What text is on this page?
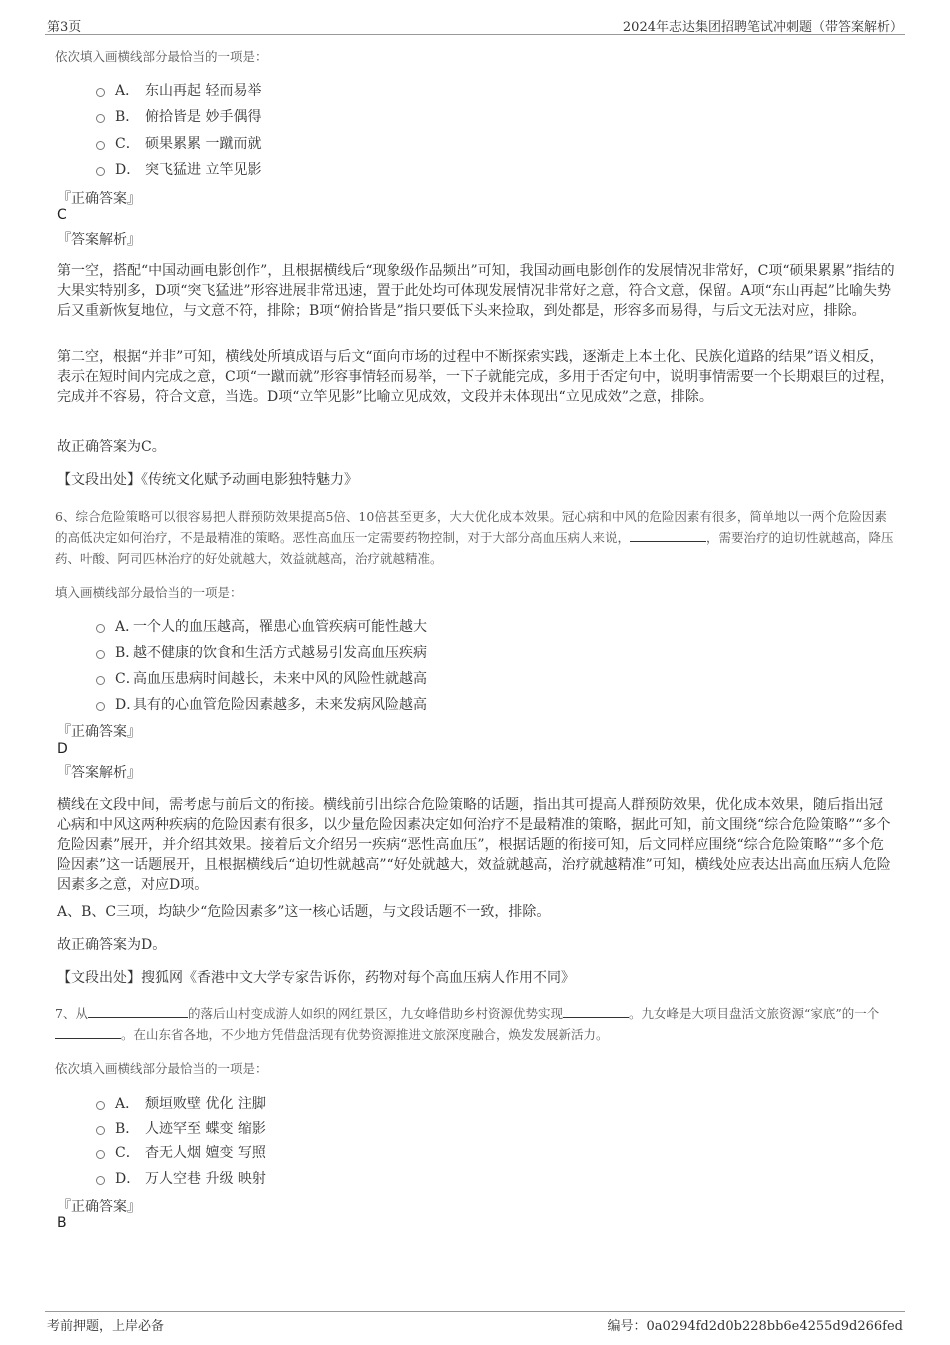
第3页	2024年志达集团招聘笔试冲刺题（带答案解析）
依次填入画横线部分最恰当的一项是：
A． 东山再起 轻而易举
B． 俯拾皆是 妙手偶得
C． 硕果累累 一蹴而就
D． 突飞猛进 立竿见影
『正确答案』
C
『答案解析』
第一空，搭配“中国动画电影创作”，且根据横线后“现象级作品频出”可知，我国动画电影创作的发展情况非常好，C项“硕果累累”指结的大果实特别多，D项“突飞猛进”形容进展非常迅速，置于此处均可体现发展情况非常好之意，符合文意，保留。A项“东山再起”比喻失势后又重新恢复地位，与文意不符，排除；B项“俯拾皆是”指只要低下头来捡取，到处都是，形容多而易得，与后文无法对应，排除。
第二空，根据“并非”可知，横线处所填成语与后文“面向市场的过程中不断探索实践，逐渐走上本土化、民族化道路的结果”语义相反，表示在短时间内完成之意，C项“一蹴而就”形容事情轻而易举，一下子就能完成，多用于否定句中，说明事情需要一个长期艰巨的过程，完成并不容易，符合文意，当选。D项“立竿见影”比喻立见成效，文段并未体现出“立见成效”之意，排除。
故正确答案为C。
【文段出处】《传统文化赋予动画电影独特魅力》
6、综合危险策略可以很容易把人群预防效果提高5倍、10倍甚至更多，大大优化成本效果。冠心病和中风的危险因素有很多，简单地以一两个危险因素的高低决定如何治疗，不是最精准的策略。恶性高血压一定需要药物控制，对于大部分高血压病人来说，	，需要治疗的迫切性就越高，降压药、叶酸、阿司匹林治疗的好处就越大，效益就越高，治疗就越精准。
填入画横线部分最恰当的一项是：
A．
一个人的血压越高，罹患心血管疾病可能性越大
B．
越不健康的饮食和生活方式越易引发高血压疾病
C．
高血压患病时间越长，未来中风的风险性就越高
D．
具有的心血管危险因素越多，未来发病风险越高
『正确答案』
D
『答案解析』
横线在文段中间，需考虑与前后文的衔接。横线前引出综合危险策略的话题，指出其可提高人群预防效果，优化成本效果，随后指出冠心病和中风这两种疾病的危险因素有很多，以少量危险因素决定如何治疗不是最精准的策略，据此可知，前文围绕“综合危险策略”“多个危险因素”展开，并介绍其效果。接着后文介绍另一疾病“恶性高血压”，根据话题的衔接可知，后文同样应围绕“综合危险策略”“多个危险因素”这一话题展开，且根据横线后“迫切性就越高”“好处就越大，效益就越高，治疗就越精准”可知，横线处应表达出高血压病人危险因素多之意，对应D项。
A、B、C三项，均缺少“危险因素多”这一核心话题，与文段话题不一致，排除。
故正确答案为D。
【文段出处】搜狐网《香港中文大学专家告诉你，药物对每个高血压病人作用不同》
7、从	的落后山村变成游人如织的网红景区，九女峰借助乡村资源优势实现	。九女峰是大项目盘活文旅资源“家底”的一个。在山东省各地，不少地方凭借盘活现有优势资源推进文旅深度融合，焕发发展新活力。
依次填入画横线部分最恰当的一项是：
A． 颓垣败壁 优化 注脚
B． 人迹罕至 蝶变 缩影
C． 杳无人烟 嬗变 写照
D． 万人空巷 升级 映射
『正确答案』
B
考前押题，上岸必备	编号：0a0294fd2d0b228bb6e4255d9d266fed
